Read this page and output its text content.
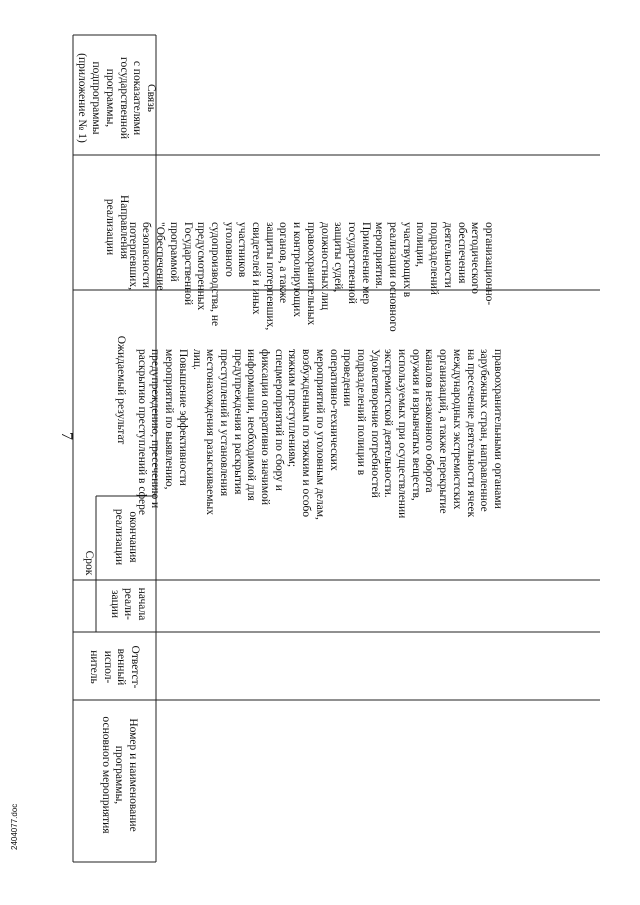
7
2404077.doc	Номер и наименование
программы,
основного мероприятия
Ответст-
венный
испол-
нитель
Срок
начала
реали-
зации
окончания
реализации
Ожидаемый результат
Направления
реализации
Связь
с показателями
государственной
программы,
подпрограммы
(приложение № 1)
правоохранительными органами
зарубежных стран, направленное
на пресечение деятельности ячеек
международных экстремистских
организаций, а также перекрытие
каналов незаконного оборота
оружия и взрывчатых веществ,
используемых при осуществлении
экстремистской деятельности.
Удовлетворение потребностей
подразделений полиции в
проведении
оперативно-технических
мероприятий по уголовным делам,
возбужденным по тяжким и особо
тяжким преступлениям;
спецмероприятий по сбору и
фиксации оперативно значимой
информации, необходимой для
предупреждения и раскрытия
преступлений и установления
местонахождения разыскиваемых
лиц.
Повышение эффективности
мероприятий по выявлению,
предупреждению, пресечению и
раскрытию преступлений в сфере
организационно-
методического
обеспечения
деятельности
подразделений
полиции,
участвующих в
реализации основного
мероприятия.
Применение мер
государственной
защиты судей,
должностных лиц
правоохранительных
и контролирующих
органов, а также
защиты потерпевших,
свидетелей и иных
участников
уголовного
судопроизводства, не
предусмотренных
Государственной
программой
"Обеспечение
безопасности
потерпевших,
